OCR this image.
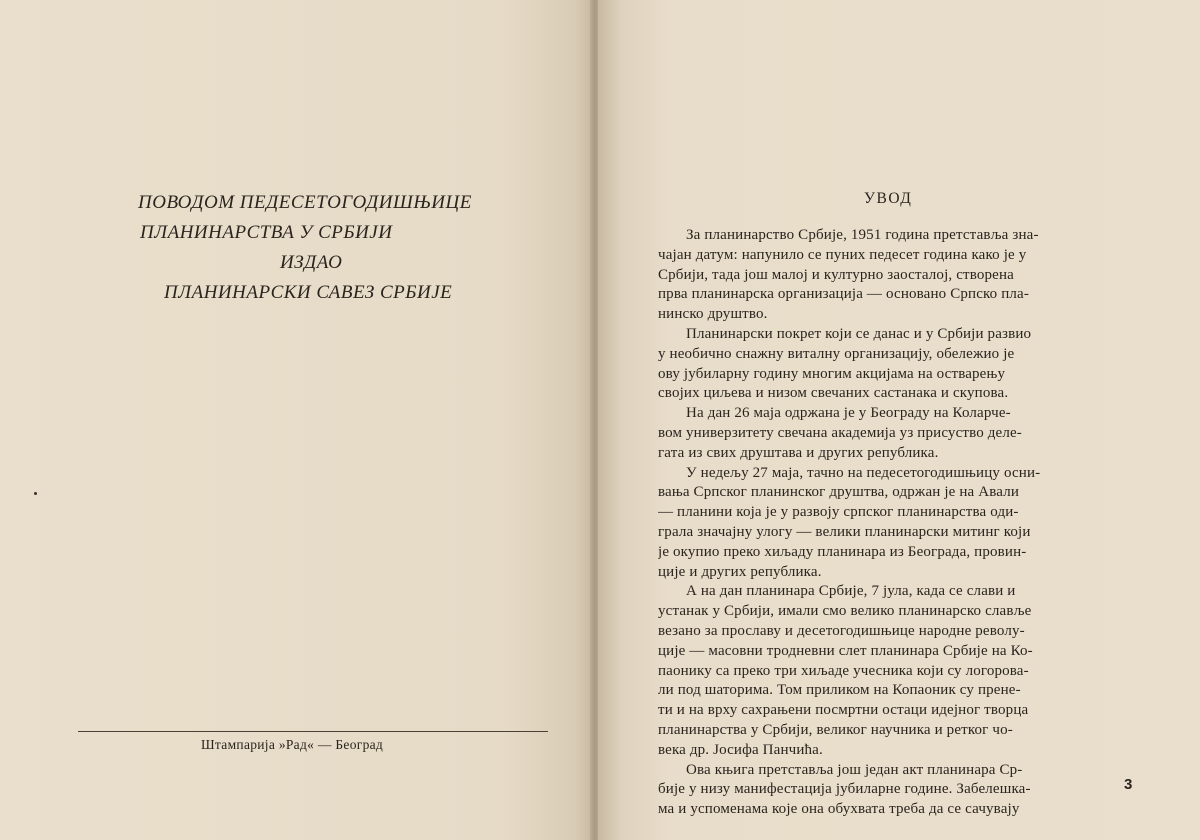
ПОВОДОМ ПЕДЕСЕТОГОДИШЊИЦЕ
ПЛАНИНАРСТВА У СРБИЈИ
ИЗДАО
ПЛАНИНАРСКИ САВЕЗ СРБИЈЕ
Штампарија »Рад« — Београд
УВОД
За планинарство Србије, 1951 година претставља зна-
чајан датум: напунило се пуних педесет година како је у
Србији, тада још малој и културно заосталој, створена
прва планинарска организација — основано Српско пла-
нинско друштво.
Планинарски покрет који се данас и у Србији развио
у необично снажну виталну организацију, обележио је
ову јубиларну годину многим акцијама на остварењу
својих циљева и низом свечаних састанака и скупова.
На дан 26 маја одржана је у Београду на Коларче-
вом универзитету свечана академија уз присуство деле-
гата из свих друштава и других република.
У недељу 27 маја, тачно на педесетогодишњицу осни-
вања Српског планинског друштва, одржан је на Авали
— планини која је у развоју српског планинарства оди-
грала значајну улогу — велики планинарски митинг који
је окупио преко хиљаду планинара из Београда, провин-
ције и других република.
А на дан планинара Србије, 7 јула, када се слави и
устанак у Србији, имали смо велико планинарско славље
везано за прославу и десетогодишњице народне револу-
ције — масовни тродневни слет планинара Србије на Ко-
паонику са преко три хиљаде учесника који су логорова-
ли под шаторима. Том приликом на Копаоник су прене-
ти и на врху сахрањени посмртни остаци идејног творца
планинарства у Србији, великог научника и ретког чо-
века др. Јосифа Панчића.
Ова књига претставља још један акт планинара Ср-
бије у низу манифестација јубиларне године. Забелешка-
ма и успоменама које она обухвата треба да се сачувају
3
